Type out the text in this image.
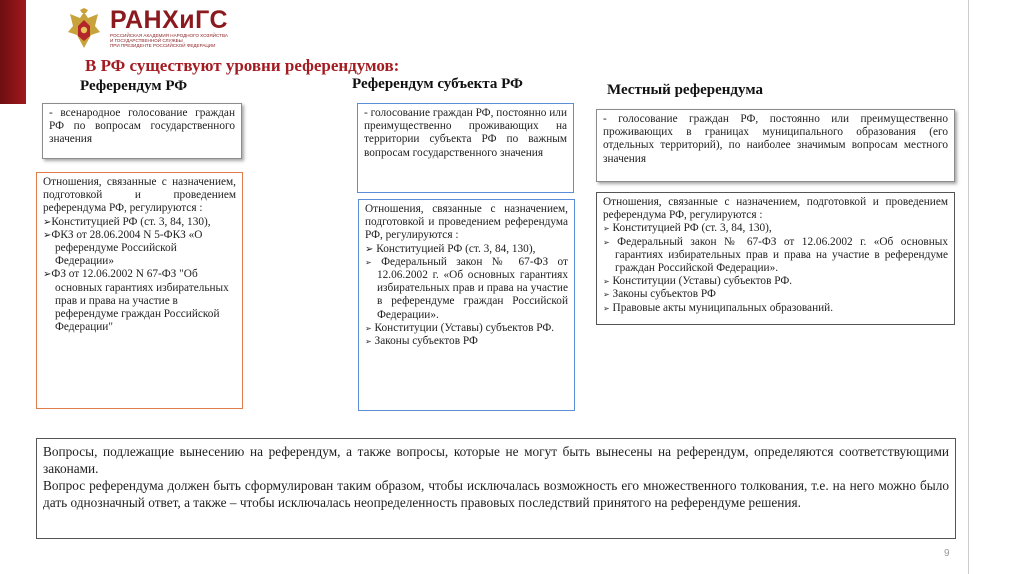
РАНХиГС
РОССИЙСКАЯ АКАДЕМИЯ НАРОДНОГО ХОЗЯЙСТВА
И ГОСУДАРСТВЕННОЙ СЛУЖБЫ
ПРИ ПРЕЗИДЕНТЕ РОССИЙСКОЙ ФЕДЕРАЦИИ
В РФ существуют уровни референдумов:
Референдум РФ

- всенародное голосование граждан РФ по вопросам государственного значения

Отношения, связанные с назначением, подготовкой и проведением референдума РФ, регулируются :

➢Конституцией РФ (ст. 3, 84, 130),

➢ФКЗ от 28.06.2004 N 5-ФКЗ «О референдуме Российской Федерации»

➢ФЗ от 12.06.2002 N 67-ФЗ "Об основных гарантиях избирательных прав и права на участие в референдуме граждан Российской Федерации"

Референдум субъекта РФ

- голосование граждан РФ, постоянно или преимущественно проживающих на территории субъекта РФ по важным вопросам государственного значения

Отношения, связанные с назначением, подготовкой и проведением референдума РФ, регулируются :

➢ Конституцией РФ (ст. 3, 84, 130),

➢ Федеральный закон № 67-ФЗ от 12.06.2002 г. «Об основных гарантиях избирательных прав и права на участие в референдуме граждан Российской Федерации».

➢ Конституции (Уставы) субъектов РФ.

➢ Законы субъектов РФ

Местный референдума

- голосование граждан РФ, постоянно или преимущественно проживающих в границах муниципального образования (его отдельных территорий), по наиболее значимым вопросам местного значения

Отношения, связанные с назначением, подготовкой и проведением референдума РФ, регулируются :

➢ Конституцией РФ (ст. 3, 84, 130),

➢ Федеральный закон № 67-ФЗ от 12.06.2002 г. «Об основных гарантиях избирательных прав и права на участие в референдуме граждан Российской Федерации».

➢ Конституции (Уставы) субъектов РФ.

➢ Законы субъектов РФ

➢ Правовые акты муниципальных образований.

Вопросы, подлежащие вынесению на референдум, а также вопросы, которые не могут быть вынесены на референдум, определяются соответствующими законами.

Вопрос референдума должен быть сформулирован таким образом, чтобы исключалась возможность его множественного толкования, т.е. на него можно было дать однозначный ответ, а также – чтобы исключалась неопределенность правовых последствий принятого на референдуме решения.

9
